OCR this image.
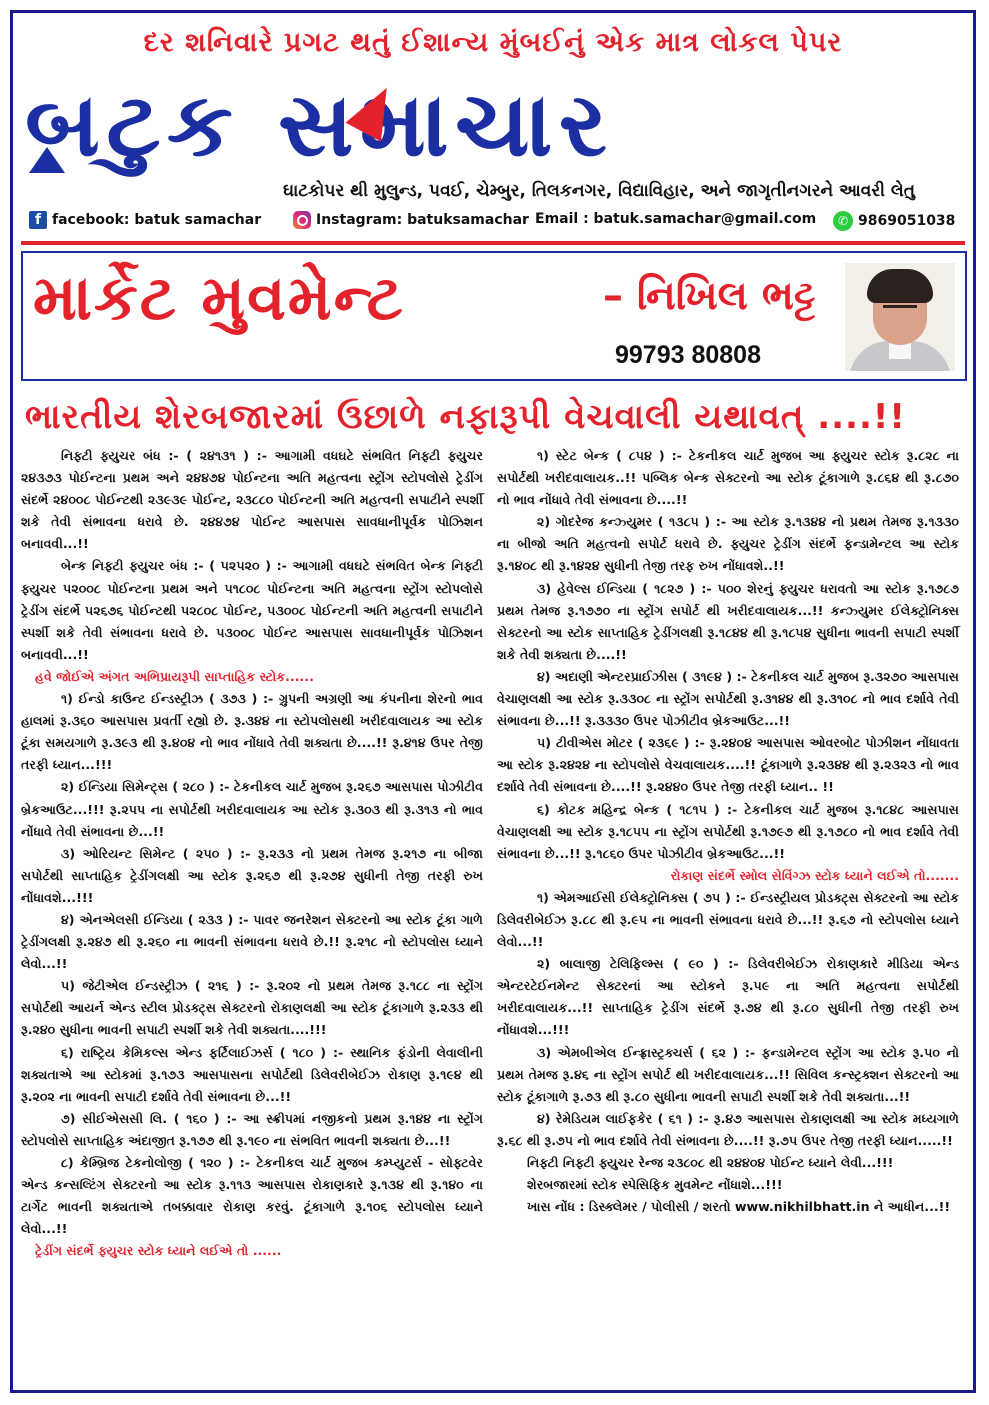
દર શનિવારે પ્રગટ થતું ઈશાન્ય મુંબઈનું એક માત્ર લોકલ પેપર
બટુક સમાચાર
ઘાટકોપર થી મુલુન્ડ, પવઈ, ચેમ્બુર, તિલકનગર, વિદ્યાવિહાર, અને જાગૃતીનગરને આવરી લેતુ
f facebook: batuk samachar	Instagram: batuksamachar Email : batuk.samachar@gmail.com	✆ 9869051038
માર્કેટ મુવમેન્ટ	– નિખિલ ભટ્ટ
99793 80808
ભારતીય શેરબજારમાં ઉછાળે નફારૂપી વેચવાલી યથાવત્‌ ....!!

નિફ્ટી ફ્યુચર બંધ :- ( ૨૪૧૩૧ ) :- આગામી વધઘટે સંભવિત નિફ્ટી ફ્યુચર ૨૪૩૭૩ પોઈન્ટના પ્રથમ અને ૨૪૪૭૪ પોઈન્ટના અતિ મહત્વના સ્ટ્રોંગ સ્ટોપલોસે ટ્રેડીંગ સંદર્ભે ૨૪૦૦૮ પોઈન્ટથી ૨૩૯૩૯ પોઈન્ટ, ૨૩૮૮૦ પોઈન્ટની અતિ મહત્વની સપાટીને સ્પર્શી શકે તેવી સંભાવના ધરાવે છે. ૨૪૪૭૪ પોઈન્ટ આસપાસ સાવધાનીપૂર્વક પોઝિશન બનાવવી...!!

બેન્ક નિફ્ટી ફ્યુચર બંધ :- ( ૫૨૫૨૦ ) :- આગામી વધઘટે સંભવિત બેન્ક નિફ્ટી ફ્યુચર ૫૨૦૦૮ પોઈન્ટના પ્રથમ અને ૫૧૮૦૮ પોઈન્ટના અતિ મહત્વના સ્ટ્રોંગ સ્ટોપલોસે ટ્રેડીંગ સંદર્ભે ૫૨૬૭૬ પોઈન્ટથી ૫૨૮૦૮ પોઈન્ટ, ૫૩૦૦૮ પોઈન્ટની અતિ મહત્વની સપાટીને સ્પર્શી શકે તેવી સંભાવના ધરાવે છે. ૫૩૦૦૮ પોઈન્ટ આસપાસ સાવધાનીપૂર્વક પોઝિશન બનાવવી...!!

હવે જોઈએ અંગત અભિપ્રાયરૂપી સાપ્તાહિક સ્ટોક......

૧) ઈન્ડો કાઉન્ટ ઈન્ડસ્ટ્રીઝ ( ૩૭૩ ) :- ગ્રુપની અગ્રણી આ કંપનીના શેરનો ભાવ હાલમાં રૂ.૩૬૦ આસપાસ પ્રવર્તી રહ્યો છે. રૂ.૩૪૪ ના સ્ટોપલોસથી ખરીદવાલાયક આ સ્ટોક ટૂંકા સમયગાળે રૂ.૩૯૩ થી રૂ.૪૦૪ નો ભાવ નોંધાવે તેવી શક્યતા છે....!! રૂ.૪૧૪ ઉપર તેજી તરફી ધ્યાન...!!!

૨) ઈન્ડિયા સિમેન્ટ્સ ( ૨૮૦ ) :- ટેકનીકલ ચાર્ટ મુજબ રૂ.૨૬૭ આસપાસ પોઝીટીવ બ્રેકઆઉટ...!!! રૂ.૨૫૫ ના સપોર્ટથી ખરીદવાલાયક આ સ્ટોક રૂ.૩૦૩ થી રૂ.૩૧૩ નો ભાવ નોંધાવે તેવી સંભાવના છે...!!

૩) ઓરિયન્ટ સિમેન્ટ ( ૨૫૦ ) :- રૂ.૨૩૩ નો પ્રથમ તેમજ રૂ.૨૧૭ ના બીજા સપોર્ટથી સાપ્તાહિક ટ્રેડીંગલક્ષી આ સ્ટોક રૂ.૨૬૭ થી રૂ.૨૭૪ સુધીની તેજી તરફી રુખ નોંધાવશે...!!!

૪) એનએલસી ઈન્ડિયા ( ૨૩૩ ) :- પાવર જનરેશન સેક્ટરનો આ સ્ટોક ટૂંકા ગાળે ટ્રેડીંગલક્ષી રૂ.૨૪૭ થી રૂ.૨૬૦ ના ભાવની સંભાવના ધરાવે છે.!! રૂ.૨૧૮ નો સ્ટોપલોસ ધ્યાને લેવો...!!

૫) જેટીએલ ઈન્ડસ્ટ્રીઝ ( ૨૧૬ ) :- રૂ.૨૦૨ નો પ્રથમ તેમજ રૂ.૧૮૮ ના સ્ટ્રોંગ સપોર્ટથી આયર્ન એન્ડ સ્ટીલ પ્રોડક્ટ્સ સેક્ટરનો રોકાણલક્ષી આ સ્ટોક ટૂંકાગાળે રૂ.૨૩૩ થી રૂ.૨૪૦ સુધીના ભાવની સપાટી સ્પર્શી શકે તેવી શક્યતા....!!!

૬) રાષ્ટ્રિય કેમિકલ્સ એન્ડ ફર્ટિલાઈઝર્સ ( ૧૮૦ ) :- સ્થાનિક ફંડોની લેવાલીની શક્યતાએ આ સ્ટોકમાં રૂ.૧૭૩ આસપાસના સપોર્ટથી ડિલેવરીબેઈઝ રોકાણ રૂ.૧૯૪ થી રૂ.૨૦૨ ના ભાવની સપાટી દર્શાવે તેવી સંભાવના છે...!!

૭) સીઈએસસી લિ. ( ૧૬૦ ) :- આ સ્ક્રીપમાં નજીકનો પ્રથમ રૂ.૧૪૪ ના સ્ટ્રોંગ સ્ટોપલોસે સાપ્તાહિક અંદાજીત રૂ.૧૭૭ થી રૂ.૧૯૦ ના સંભવિત ભાવની શક્યતા છે...!!

૮) કેમ્બ્રિજ ટેકનોલોજી ( ૧૨૦ ) :- ટેકનીકલ ચાર્ટ મુજબ કમ્પ્યુટર્સ - સોફ્ટવેર એન્ડ કન્સલ્ટિંગ સેક્ટરનો આ સ્ટોક રૂ.૧૧૩ આસપાસ રોકાણકારે રૂ.૧૩૪ થી રૂ.૧૪૦ ના ટાર્ગેટ ભાવની શક્યતાએ તબક્કાવાર રોકાણ કરવું. ટૂંકાગાળે રૂ.૧૦૬ સ્ટોપલોસ ધ્યાને લેવો...!!

ટ્રેડીંગ સંદર્ભે ફ્યુચર સ્ટોક ધ્યાને લઈએ તો ......

૧) સ્ટેટ બેન્ક ( ૮૫૪ ) :- ટેકનીકલ ચાર્ટ મુજબ આ ફ્યુચર સ્ટોક રૂ.૮૨૮ ના સપોર્ટથી ખરીદવાલાયક..!! પબ્લિક બેન્ક સેક્ટરનો આ સ્ટોક ટૂંકાગાળે રૂ.૮૬૪ થી રૂ.૮૭૦ નો ભાવ નોંધાવે તેવી સંભાવના છે....!!

૨) ગોદરેજ કન્ઝ્યુમર ( ૧૩૮૫ ) :- આ સ્ટોક રૂ.૧૩૪૪ નો પ્રથમ તેમજ રૂ.૧૩૩૦ ના બીજો અતિ મહત્વનો સપોર્ટ ધરાવે છે. ફ્યુચર ટ્રેડીંગ સંદર્ભે ફન્ડામેન્ટલ આ સ્ટોક રૂ.૧૪૦૮ થી રૂ.૧૪૨૪ સુધીની તેજી તરફ રુખ નોંધાવશે..!!

૩) હેવેલ્સ ઈન્ડિયા ( ૧૮૨૭ ) :- ૫૦૦ શેરનું ફ્યુચર ધરાવતો આ સ્ટોક રૂ.૧૭૮૭ પ્રથમ તેમજ રૂ.૧૭૭૦ ના સ્ટ્રોંગ સપોર્ટ થી ખરીદવાલાયક...!! કન્ઝ્યુમર ઈલેક્ટ્રોનિક્સ સેક્ટરનો આ સ્ટોક સાપ્તાહિક ટ્રેડીંગલક્ષી રૂ.૧૮૪૪ થી રૂ.૧૮૫૪ સુધીના ભાવની સપાટી સ્પર્શી શકે તેવી શક્યતા છે....!!

૪) અદાણી એન્ટરપ્રાઈઝીસ ( ૩૧૯૪ ) :- ટેકનીકલ ચાર્ટ મુજબ રૂ.૩૨૭૦ આસપાસ વેચાણલક્ષી આ સ્ટોક રૂ.૩૩૦૮ ના સ્ટ્રોંગ સપોર્ટથી રૂ.૩૧૪૪ થી રૂ.૩૧૦૮ નો ભાવ દર્શાવે તેવી સંભાવના છે...!! રૂ.૩૩૩૦ ઉપર પોઝીટીવ બ્રેકઆઉટ...!!

૫) ટીવીએસ મોટર ( ૨૩૬૯ ) :- રૂ.૨૪૦૪ આસપાસ ઓવરબોટ પોઝીશન નોંધાવતા આ સ્ટોક રૂ.૨૪૨૪ ના સ્ટોપલોસે વેચવાલાયક....!! ટૂંકાગાળે રૂ.૨૩૪૪ થી રૂ.૨૩૨૩ નો ભાવ દર્શાવે તેવી સંભાવના છે....!! રૂ.૨૪૪૦ ઉપર તેજી તરફી ધ્યાન.. !!

૬) કોટક મહિન્દ્ર બેન્ક ( ૧૮૧૫ ) :- ટેકનીકલ ચાર્ટ મુજબ રૂ.૧૮૪૮ આસપાસ વેચાણલક્ષી આ સ્ટોક રૂ.૧૮૫૫ ના સ્ટ્રોંગ સપોર્ટથી રૂ.૧૭૯૭ થી રૂ.૧૭૮૦ નો ભાવ દર્શાવે તેવી સંભાવના છે...!! રૂ.૧૮૬૦ ઉપર પોઝીટીવ બ્રેકઆઉટ...!!

રોકાણ સંદર્ભે સ્મોલ સેવિંગ્ઝ સ્ટોક ધ્યાને લઈએ તો.......

૧) એમઆઈસી ઈલેક્ટ્રોનિક્સ ( ૭૫ ) :- ઈન્ડસ્ટ્રીયલ પ્રોડક્ટ્સ સેક્ટરનો આ સ્ટોક ડિલેવરીબેઈઝ રૂ.૮૮ થી રૂ.૯૫ ના ભાવની સંભાવના ધરાવે છે...!! રૂ.૬૭ નો સ્ટોપલોસ ધ્યાને લેવો...!!

૨) બાલાજી ટેલિફિલ્મ્સ ( ૯૦ ) :- ડિલેવરીબેઈઝ રોકાણકારે મીડિયા એન્ડ એન્ટરટેઈનમેન્ટ સેક્ટરનાં આ સ્ટોકને રૂ.૫૯ ના અતિ મહત્વના સપોર્ટથી ખરીદવાલાયક...!! સાપ્તાહિક ટ્રેડીંગ સંદર્ભે રૂ.૭૪ થી રૂ.૮૦ સુધીની તેજી તરફી રુખ નોંધાવશે...!!!

૩) એમબીએલ ઈન્ફ્રાસ્ટ્રક્ચર્સ ( ૬૨ ) :- ફન્ડામેન્ટલ સ્ટ્રોંગ આ સ્ટોક રૂ.૫૦ નો પ્રથમ તેમજ રૂ.૪૬ ના સ્ટ્રોંગ સપોર્ટ થી ખરીદવાલાયક...!! સિવિલ કન્સ્ટ્રક્શન સેક્ટરનો આ સ્ટોક ટૂંકાગાળે રૂ.૭૩ થી રૂ.૮૦ સુધીના ભાવની સપાટી સ્પર્શી શકે તેવી શક્યતા...!!

૪) રેમેડિયમ લાઈફકેર ( ૬૧ ) :- રૂ.૪૭ આસપાસ રોકાણલક્ષી આ સ્ટોક મધ્યગાળે રૂ.૬૮ થી રૂ.૭૫ નો ભાવ દર્શાવે તેવી સંભાવના છે....!! રૂ.૭૫ ઉપર તેજી તરફી ધ્યાન.....!!

નિફ્ટી નિફ્ટી ફ્યુચર રેન્જ ૨૩૮૦૮ થી ૨૪૪૦૪ પોઈન્ટ ધ્યાને લેવી...!!!

શેરબજારમાં સ્ટોક સ્પેસિફિક મુવમેન્ટ નોંધાશે...!!!

ખાસ નોંધ : ડિસ્ક્લેમર / પોલીસી / શરતો www.nikhilbhatt.in ને આધીન...!!
